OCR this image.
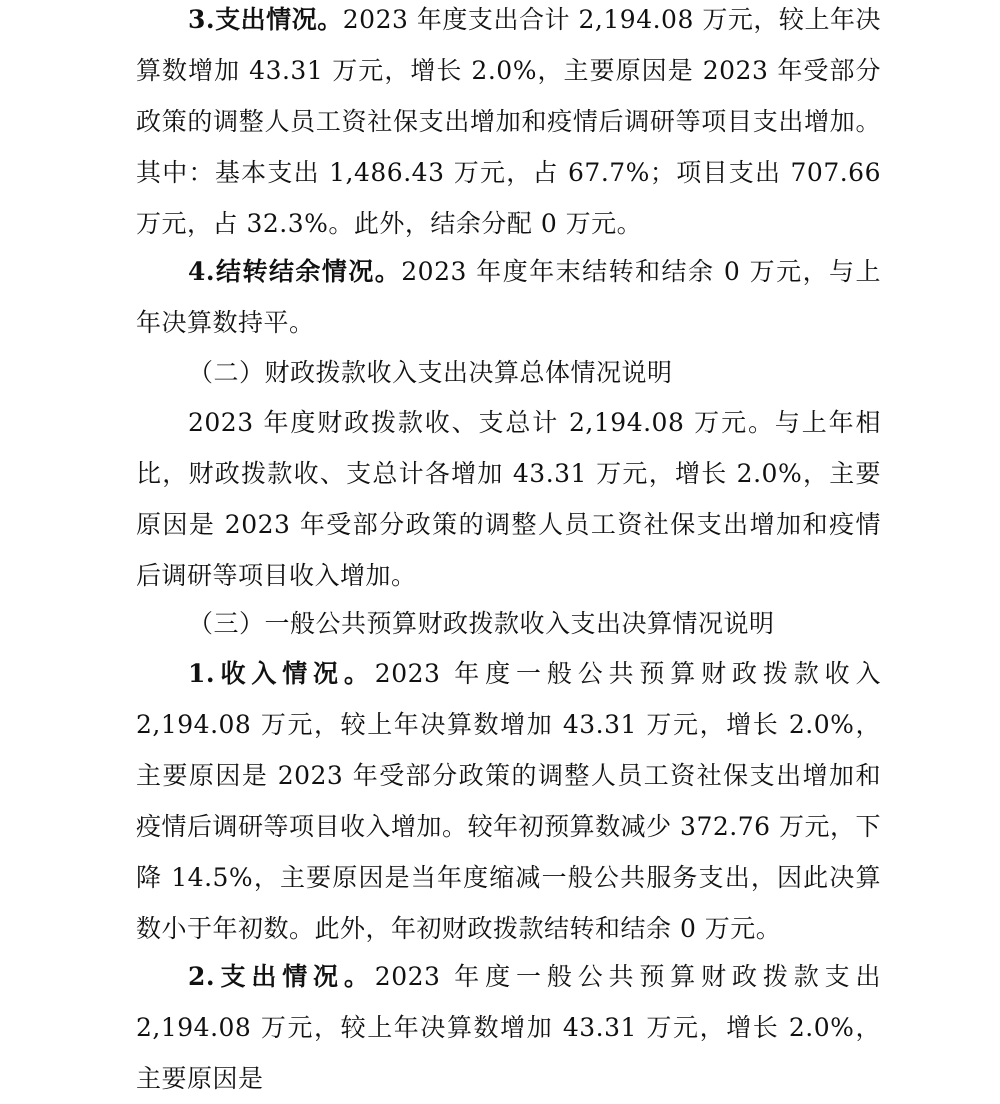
3.支出情况。2023 年度支出合计 2,194.08 万元，较上年决算数增加 43.31 万元，增长 2.0%，主要原因是 2023 年受部分政策的调整人员工资社保支出增加和疫情后调研等项目支出增加。其中：基本支出 1,486.43 万元，占 67.7%；项目支出 707.66 万元，占 32.3%。此外，结余分配 0 万元。

4.结转结余情况。2023 年度年末结转和结余 0 万元，与上年决算数持平。

（二）财政拨款收入支出决算总体情况说明

2023 年度财政拨款收、支总计 2,194.08 万元。与上年相比，财政拨款收、支总计各增加 43.31 万元，增长 2.0%，主要原因是 2023 年受部分政策的调整人员工资社保支出增加和疫情后调研等项目收入增加。

（三）一般公共预算财政拨款收入支出决算情况说明

1.收入情况。2023 年度一般公共预算财政拨款收入 2,194.08 万元，较上年决算数增加 43.31 万元，增长 2.0%，主要原因是 2023 年受部分政策的调整人员工资社保支出增加和疫情后调研等项目收入增加。较年初预算数减少 372.76 万元，下降 14.5%，主要原因是当年度缩减一般公共服务支出，因此决算数小于年初数。此外，年初财政拨款结转和结余 0 万元。

2.支出情况。2023 年度一般公共预算财政拨款支出 2,194.08 万元，较上年决算数增加 43.31 万元，增长 2.0%，主要原因是
